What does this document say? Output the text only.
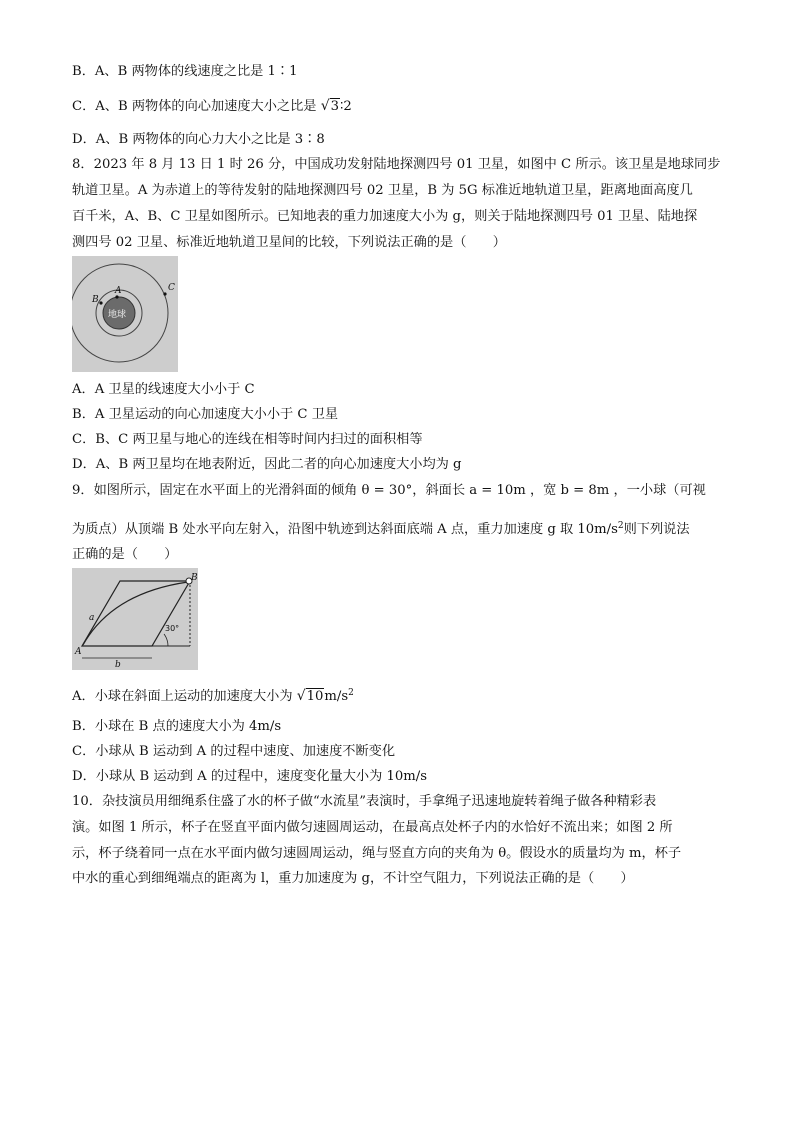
B．A、B 两物体的线速度之比是 1∶1
C．A、B 两物体的向心加速度大小之比是 √3∶2
D．A、B 两物体的向心力大小之比是 3∶8
8．2023 年 8 月 13 日 1 时 26 分，中国成功发射陆地探测四号 01 卫星，如图中 C 所示。该卫星是地球同步
轨道卫星。A 为赤道上的等待发射的陆地探测四号 02 卫星，B 为 5G 标准近地轨道卫星，距离地面高度几
百千米，A、B、C 卫星如图所示。已知地表的重力加速度大小为 g，则关于陆地探测四号 01 卫星、陆地探
测四号 02 卫星、标准近地轨道卫星间的比较，下列说法正确的是（　　）
地球
A
B
C
A．A 卫星的线速度大小小于 C
B．A 卫星运动的向心加速度大小小于 C 卫星
C．B、C 两卫星与地心的连线在相等时间内扫过的面积相等
D．A、B 两卫星均在地表附近，因此二者的向心加速度大小均为 g
9．如图所示，固定在水平面上的光滑斜面的倾角 θ = 30°，斜面长 a = 10m ，宽 b = 8m ，一小球（可视
为质点）从顶端 B 处水平向左射入，沿图中轨迹到达斜面底端 A 点，重力加速度 g 取 $10m/s^2$则下列说法
正确的是（　　）
B
A
a
b
30°
A．小球在斜面上运动的加速度大小为 $√10m/s^2$
B．小球在 B 点的速度大小为 4m/s
C．小球从 B 运动到 A 的过程中速度、加速度不断变化
D．小球从 B 运动到 A 的过程中，速度变化量大小为 10m/s
10．杂技演员用细绳系住盛了水的杯子做“水流星”表演时，手拿绳子迅速地旋转着绳子做各种精彩表
演。如图 1 所示，杯子在竖直平面内做匀速圆周运动，在最高点处杯子内的水恰好不流出来；如图 2 所
示，杯子绕着同一点在水平面内做匀速圆周运动，绳与竖直方向的夹角为 θ。假设水的质量均为 m，杯子
中水的重心到细绳端点的距离为 l，重力加速度为 g，不计空气阻力，下列说法正确的是（　　）
